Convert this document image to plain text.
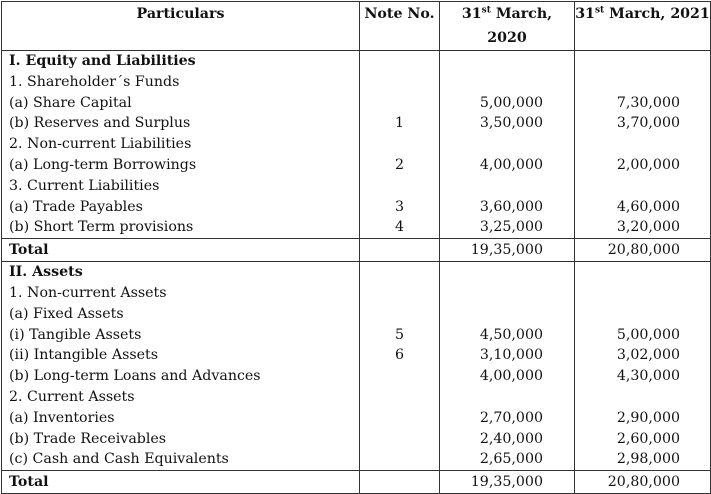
Particulars	Note No.	31st March, 2020	31st March, 2021
I. Equity and Liabilities			
1. Shareholder´s Funds			
(a) Share Capital		5,00,000	7,30,000
(b) Reserves and Surplus	1	3,50,000	3,70,000
2. Non-current Liabilities			
(a) Long-term Borrowings	2	4,00,000	2,00,000
3. Current Liabilities			
(a) Trade Payables	3	3,60,000	4,60,000
(b) Short Term provisions	4	3,25,000	3,20,000
Total		19,35,000	20,80,000
II. Assets			
1. Non-current Assets			
(a) Fixed Assets			
(i) Tangible Assets	5	4,50,000	5,00,000
(ii) Intangible Assets	6	3,10,000	3,02,000
(b) Long-term Loans and Advances		4,00,000	4,30,000
2. Current Assets			
(a) Inventories		2,70,000	2,90,000
(b) Trade Receivables		2,40,000	2,60,000
(c) Cash and Cash Equivalents		2,65,000	2,98,000
Total		19,35,000	20,80,000
